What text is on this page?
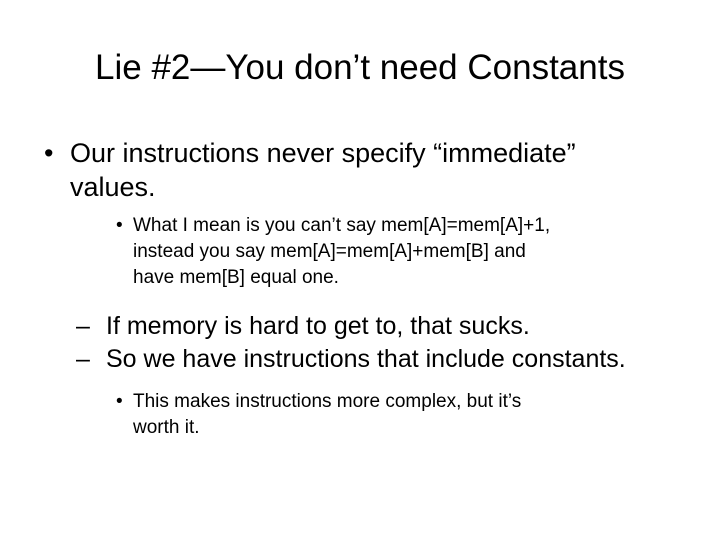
Lie #2—You don’t need Constants
• Our instructions never specify “immediate”
values.
• What I mean is you can’t say mem[A]=mem[A]+1,
instead you say mem[A]=mem[A]+mem[B] and
have mem[B] equal one.
– If memory is hard to get to, that sucks.
– So we have instructions that include constants.
• This makes instructions more complex, but it’s
worth it.
